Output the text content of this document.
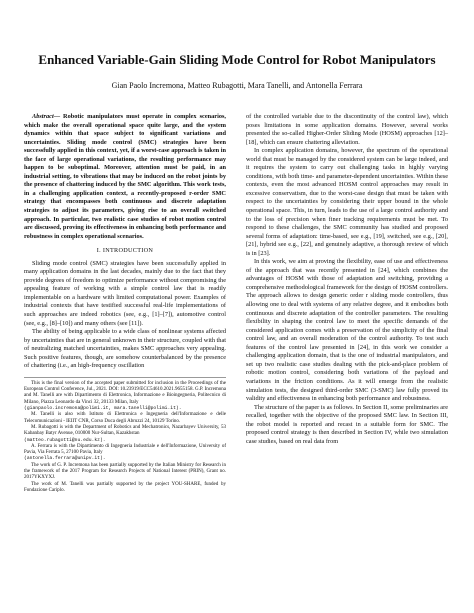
Enhanced Variable-Gain Sliding Mode Control for Robot Manipulators
Gian Paolo Incremona, Matteo Rubagotti, Mara Tanelli, and Antonella Ferrara

Abstract— Robotic manipulators must operate in complex scenarios, which make the overall operational space quite large, and the system dynamics within that space subject to significant variations and uncertainties. Sliding mode control (SMC) strategies have been successfully applied in this context, yet, if a worst-case approach is taken in the face of large operational variations, the resulting performance may happen to be suboptimal. Moreover, attention must be paid, in an industrial setting, to vibrations that may be induced on the robot joints by the presence of chattering induced by the SMC algorithm. This work tests, in a challenging application context, a recently-proposed r-order SMC strategy that encompasses both continuous and discrete adaptation strategies to adjust its parameters, giving rise to an overall switched approach. In particular, two realistic case studies of robot motion control are discussed, proving its effectiveness in enhancing both performance and robustness in complex operational scenarios.

I. INTRODUCTION

Sliding mode control (SMC) strategies have been successfully applied in many application domains in the last decades, mainly due to the fact that they provide degrees of freedom to optimize performance without compromising the appealing feature of working with a simple control law that is readily implementable on a hardware with limited computational power. Examples of industrial contexts that have testified successful real-life implementations of such approaches are indeed robotics (see, e.g., [1]–[7]), automotive control (see, e.g., [8]–[10]) and many others (see [11]).

The ability of being applicable to a wide class of nonlinear systems affected by uncertainties that are in general unknown in their structure, coupled with that of neutralizing matched uncertainties, makes SMC approaches very appealing. Such positive features, though, are somehow counterbalanced by the presence of chattering (i.e., an high-frequency oscillation

This is the final version of the accepted paper submitted for inclusion in the Proceedings of the European Control Conference, Jul., 2021. DOI: 10.23919/ECC54610.2021.9655158. G.P. Incremona and M. Tanelli are with Dipartimento di Elettronica, Informazione e Bioingegneria, Politecnico di Milano, Piazza Leonardo da Vinci 32, 20133 Milan, Italy

(gianpaolo.incremona@polimi.it, mara.tanelli@polimi.it).

M. Tanelli is also with Istituto di Elettronica e Ingegneria dell'Informazione e delle Telecomunicazioni - IEIIT CNR, Corso Duca degli Abruzzi 24, 10129 Torino.

M. Rubagotti is with the Department of Robotics and Mechatronics, Nazarbayev University, 53 Kabanbay Batyr Avenue, 010000 Nur-Sultan, Kazakhstan

(matteo.rubagotti@nu.edu.kz).

A. Ferrara is with the Dipartimento di Ingegneria Industriale e dell'Informazione, University of Pavia, Via Ferrata 5, 27100 Pavia, Italy

(antonella.ferrara@unipv.it).

The work of G. P. Incremona has been partially supported by the Italian Ministry for Research in the framework of the 2017 Program for Research Projects of National Interest (PRIN), Grant no. 2017YKXYXJ.

The work of M. Tanelli was partially supported by the project YOU-SHARE, funded by Fondazione Cariplo.

of the controlled variable due to the discontinuity of the control law), which poses limitations in some application domains. However, several works presented the so-called Higher-Order Sliding Mode (HOSM) approaches [12]–[18], which can ensure chattering alleviation.

In complex application domains, however, the spectrum of the operational world that must be managed by the considered system can be large indeed, and it requires the system to carry out challenging tasks in highly varying conditions, with both time- and parameter-dependent uncertainties. Within these contexts, even the most advanced HOSM control approaches may result in excessive conservatism, due to the worst-case design that must be taken with respect to the uncertainties by considering their upper bound in the whole operational space. This, in turn, leads to the use of a large control authority and to the loss of precision when finer tracking requirements must be met. To respond to these challenges, the SMC community has studied and proposed several forms of adaptation: time-based, see e.g., [19], switched, see e.g., [20], [21], hybrid see e.g., [22], and genuinely adaptive, a thorough review of which is in [23].

In this work, we aim at proving the flexibility, ease of use and effectiveness of the approach that was recently presented in [24], which combines the advantages of HOSM with those of adaptation and switching, providing a comprehensive methodological framework for the design of HOSM controllers. The approach allows to design generic order r sliding mode controllers, thus allowing one to deal with systems of any relative degree, and it embodies both continuous and discrete adaptation of the controller parameters. The resulting flexibility in shaping the control law to meet the specific demands of the considered application comes with a preservation of the simplicity of the final control law, and an overall moderation of the control authority. To test such features of the control law presented in [24], in this work we consider a challenging application domain, that is the one of industrial manipulators, and set up two realistic case studies dealing with the pick-and-place problem of robotic motion control, considering both variations of the payload and variations in the friction conditions. As it will emerge from the realistic simulation tests, the designed third-order SMC (3-SMC) law fully proved its validity and effectiveness in enhancing both performance and robustness.

The structure of the paper is as follows. In Section II, some preliminaries are recalled, together with the objective of the proposed SMC law. In Section III, the robot model is reported and recast in a suitable form for SMC. The proposed control strategy is then described in Section IV, while two simulation case studies, based on real data from
